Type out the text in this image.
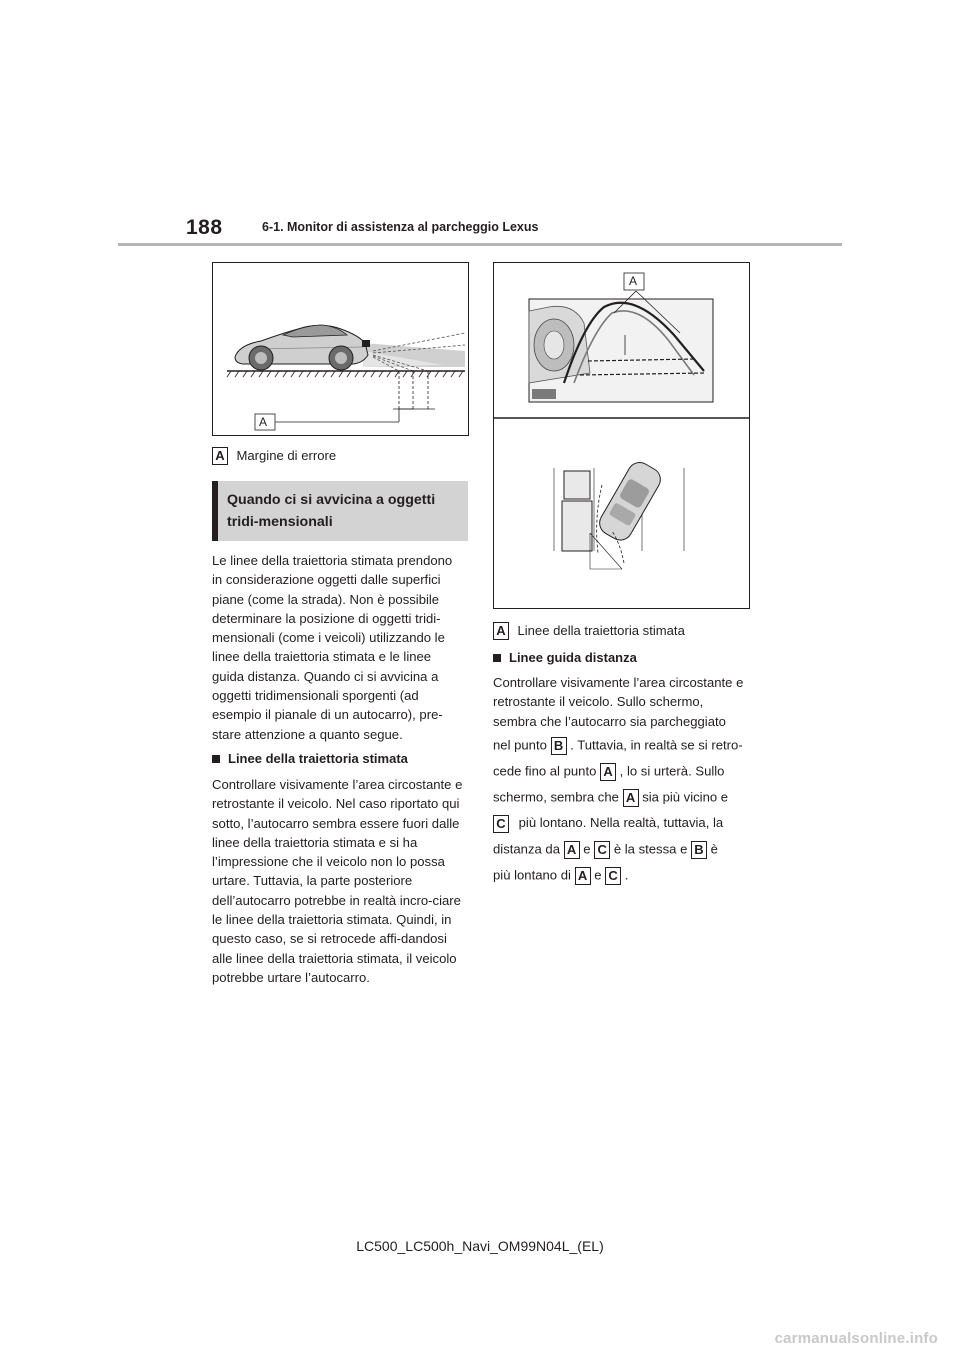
188	6-1. Monitor di assistenza al parcheggio Lexus
A
A Margine di errore
Quando ci si avvicina a oggetti tridi-mensionali
Le linee della traiettoria stimata prendono in considerazione oggetti dalle superfici piane (come la strada). Non è possibile determinare la posizione di oggetti tridi-mensionali (come i veicoli) utilizzando le linee della traiettoria stimata e le linee guida distanza. Quando ci si avvicina a oggetti tridimensionali sporgenti (ad esempio il pianale di un autocarro), pre-stare attenzione a quanto segue.
Linee della traiettoria stimata
Controllare visivamente l’area circostante e retrostante il veicolo. Nel caso riportato qui sotto, l’autocarro sembra essere fuori dalle linee della traiettoria stimata e si ha l’impressione che il veicolo non lo possa urtare. Tuttavia, la parte posteriore dell’autocarro potrebbe in realtà incro-ciare le linee della traiettoria stimata. Quindi, in questo caso, se si retrocede affi-dandosi alle linee della traiettoria stimata, il veicolo potrebbe urtare l’autocarro.
A
A Linee della traiettoria stimata
Linee guida distanza
Controllare visivamente l’area circostante e retrostante il veicolo. Sullo schermo, sembra che l’autocarro sia parcheggiato
nel punto B . Tuttavia, in realtà se si retro-
cede fino al punto A , lo si urterà. Sullo
schermo, sembra che A sia più vicino e
C più lontano. Nella realtà, tuttavia, la
distanza da A e C è la stessa e B è
più lontano di A e C .
LC500_LC500h_Navi_OM99N04L_(EL)
carmanualsonline.info
